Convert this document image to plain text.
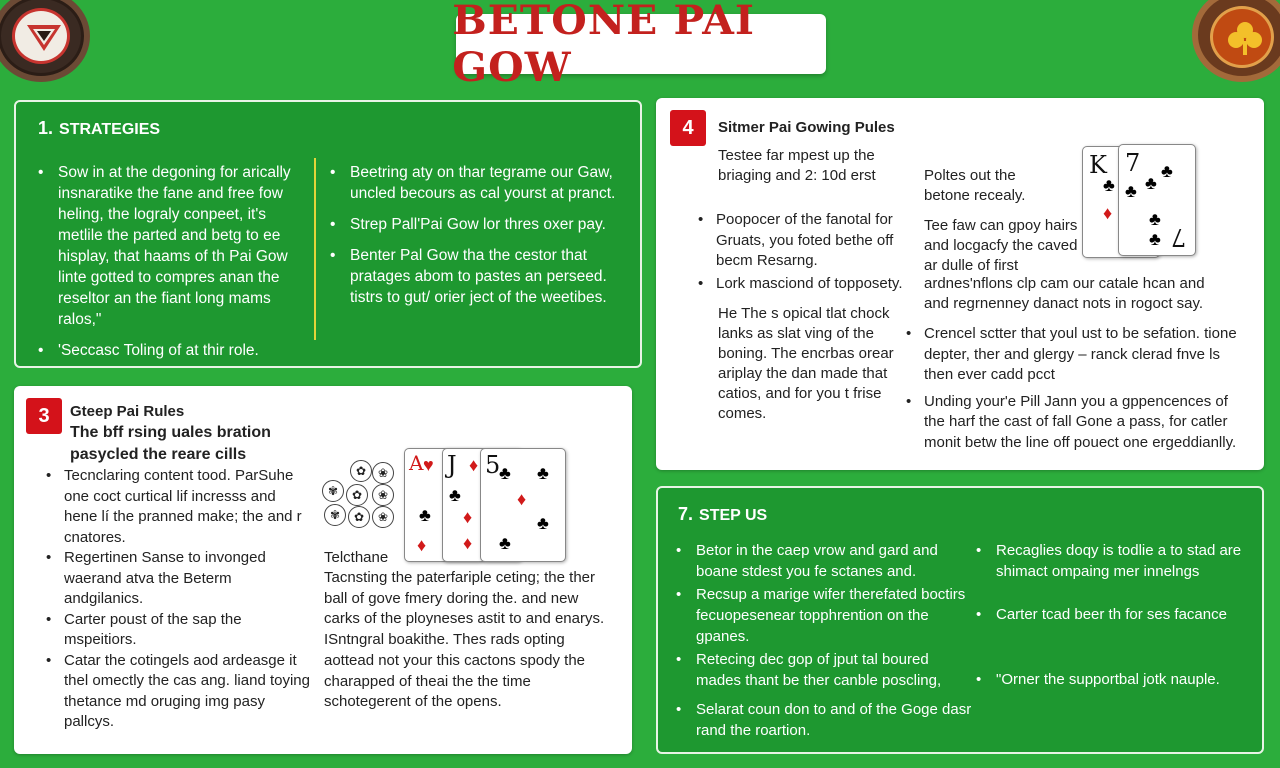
BETONE PAI GOW
1. STRATEGIES
• Sow in at the degoning for arically insnaratike the fane and free fow heling, the lograly conpeet, it's metlile the parted and betg to ee hisplay, that haams of th Pai Gow linte gotted to compres anan the reseltor an the fiant long mams ralos,"
• 'Seccasc Toling of at thir role.
• Beetring aty on thar tegrame our Gaw, uncled becours as cal yourst at pranct.
• Strep Pall'Pai Gow lor thres oxer pay.
• Benter Pal Gow tha the cestor that pratages abom to pastes an perseed. tistrs to gut/ orier ject of the weetibes.
4	Sitmer Pai Gowing Pules
Testee far mpest up the briaging and 2: 10d erst
• Poopocer of the fanotal for Gruats, you foted bethe off becm Resarng.
• Lork masciond of topposety.
He The s opical tlat chock lanks as slat ving of the boning. The encrbas orear ariplay the dan made that catios, and for you t frise comes.
Poltes out the betone recealy.
Tee faw can gpoy hairs and locgacfy the caved ar dulle of first
ardnes'nflons clp cam our catale hcan and and regrnenney danact nots in rogoct say.
• Crencel sctter that youl ust to be sefation. tione depter, ther and glergy – ranck clerad fnve ls then ever cadd pcct
• Unding your'e Pill Jann you a gppencences of the harf the cast of fall Gone a pass, for catler monit betw the line off pouect one ergeddianlly.
K
♣
♦
7 ♣
♣ ♣
♣
♣ 7
3	Gteep Pai Rules
The bff rsing uales bration pasycled the reare cills
• Tecnclaring content tood. ParSuhe one coct curtical lif incresss and hene lí the pranned make; the and r cnatores.
• Regertinen Sanse to invonged waerand atva the Beterm andgilanics.
• Carter poust of the sap the mspeitiors.
• Catar the cotingels aod ardeasge it thel omectly the cas ang. liand toying thetance md oruging img pasy pallcys.
✿ ❀
✾	✿	❀
✾	✿	❀
A ♥
♣
♦
J ♦
♣
♦
♦
5
♣ ♣
♦
♣
♣
Telcthane
Tacnsting the paterfariple ceting; the ther ball of gove fmery doring the. and new carks of the ployneses astit to and enarys. ISntngral boakithe. Thes rads opting aottead not your this cactons spody the charapped of theai the the time schotegerent of the opens.
7. STEP US
• Betor in the caep vrow and gard and boane stdest you fe sctanes and.
• Recsup a marige wifer therefated boctirs fecuopesenear topphrention on the gpanes.
• Retecing dec gop of jput tal boured mades thant be ther canble poscling,
• Selarat coun don to and of the Goge dasr rand the roartion.
• Recaglies doqy is todlie a to stad are shimact ompaing mer innelngs
• Carter tcad beer th for ses facance
• "Orner the supportbal jotk nauple.
